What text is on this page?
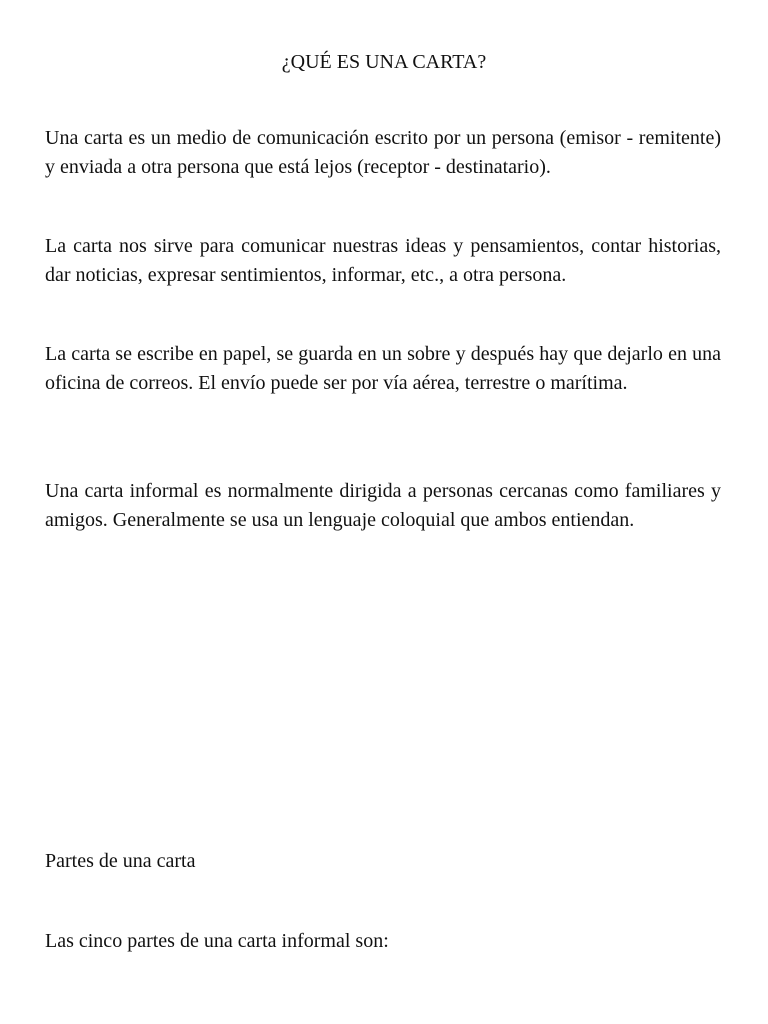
¿QUÉ ES UNA CARTA?

Una carta es un medio de comunicación escrito por un persona (emisor - remitente) y enviada a otra persona que está lejos (receptor - destinatario).

La carta nos sirve para comunicar nuestras ideas y pensamientos, contar historias, dar noticias, expresar sentimientos, informar, etc., a otra persona.

La carta se escribe en papel, se guarda en un sobre y después hay que dejarlo en una oficina de correos. El envío puede ser por vía aérea, terrestre o marítima.

Una carta informal es normalmente dirigida a personas cercanas como familiares y amigos. Generalmente se usa un lenguaje coloquial que ambos entiendan.

Partes de una carta

Las cinco partes de una carta informal son:
